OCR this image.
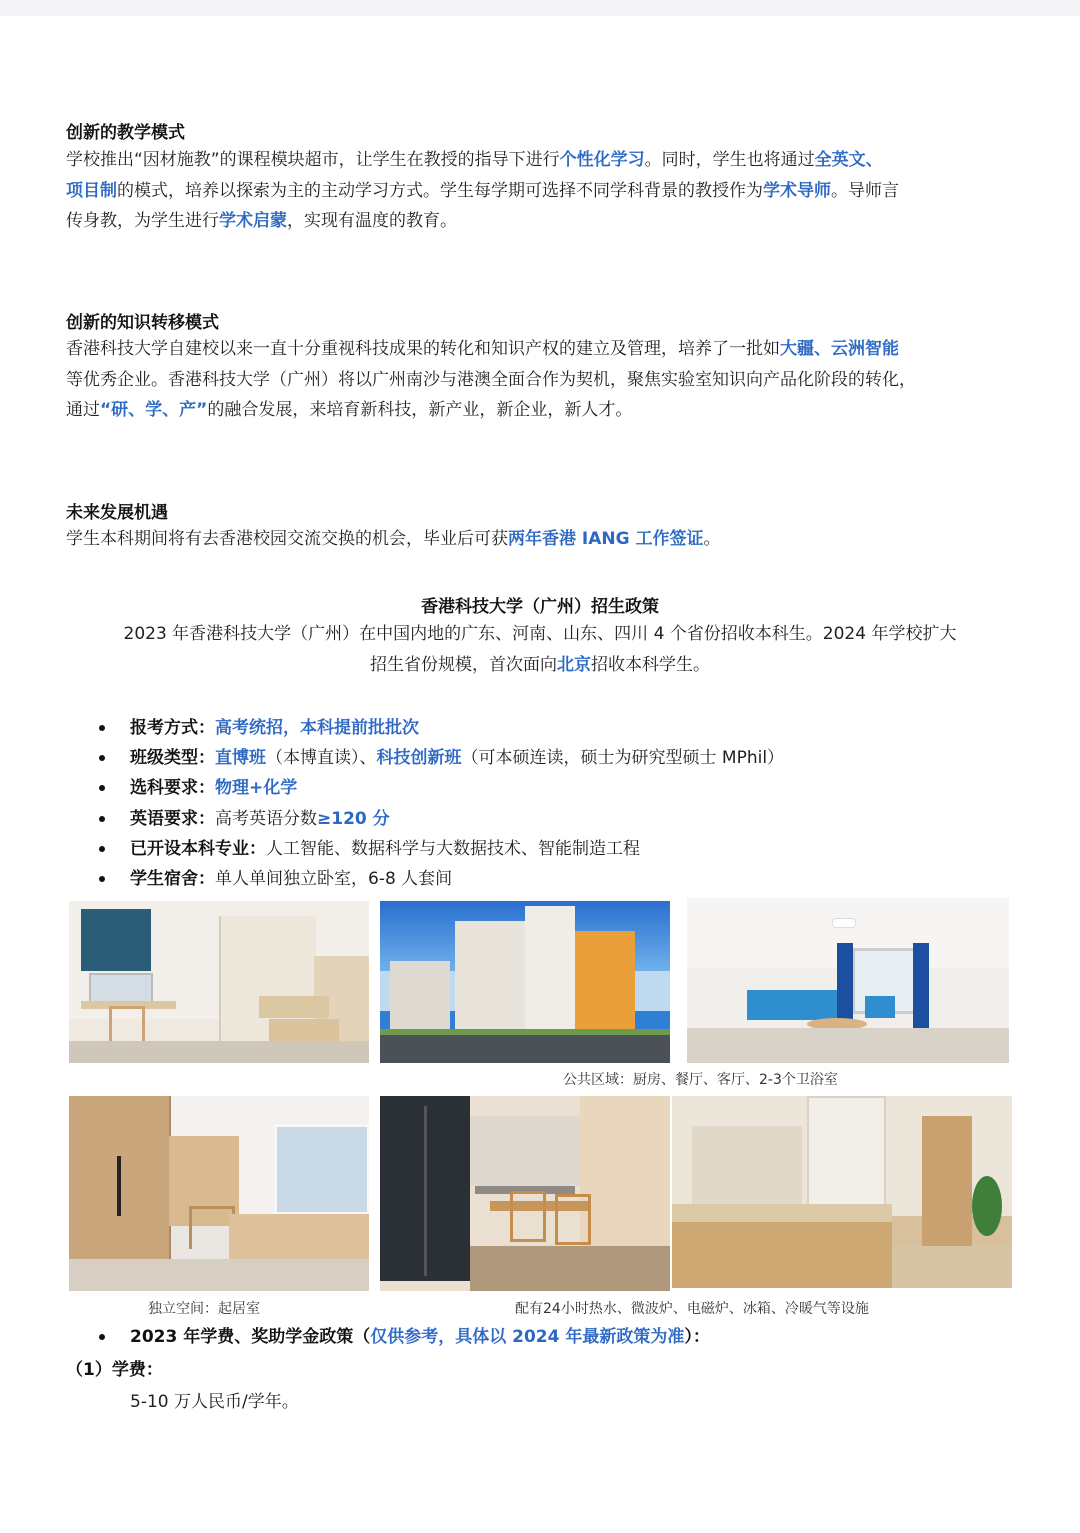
创新的教学模式

学校推出“因材施教”的课程模块超市，让学生在教授的指导下进行个性化学习。同时，学生也将通过全英文、

项目制的模式，培养以探索为主的主动学习方式。学生每学期可选择不同学科背景的教授作为学术导师。导师言

传身教，为学生进行学术启蒙，实现有温度的教育。

创新的知识转移模式

香港科技大学自建校以来一直十分重视科技成果的转化和知识产权的建立及管理，培养了一批如大疆、云洲智能

等优秀企业。香港科技大学（广州）将以广州南沙与港澳全面合作为契机，聚焦实验室知识向产品化阶段的转化，

通过“研、学、产”的融合发展，来培育新科技，新产业，新企业，新人才。

未来发展机遇

学生本科期间将有去香港校园交流交换的机会，毕业后可获两年香港 IANG 工作签证。

香港科技大学（广州）招生政策

2023 年香港科技大学（广州）在中国内地的广东、河南、山东、四川 4 个省份招收本科生。2024 年学校扩大

招生省份规模，首次面向北京招收本科学生。

报考方式：高考统招，本科提前批批次
班级类型：直博班（本博直读）、科技创新班（可本硕连读，硕士为研究型硕士 MPhil）
选科要求：物理+化学
英语要求：高考英语分数≥120 分
已开设本科专业：人工智能、数据科学与大数据技术、智能制造工程
学生宿舍：单人单间独立卧室，6-8 人套间
公共区域：厨房、餐厅、客厅、2-3个卫浴室
独立空间：起居室	配有24小时热水、微波炉、电磁炉、冰箱、冷暖气等设施
2023 年学费、奖助学金政策（仅供参考，具体以 2024 年最新政策为准）：
（1）学费：
5-10 万人民币/学年。
